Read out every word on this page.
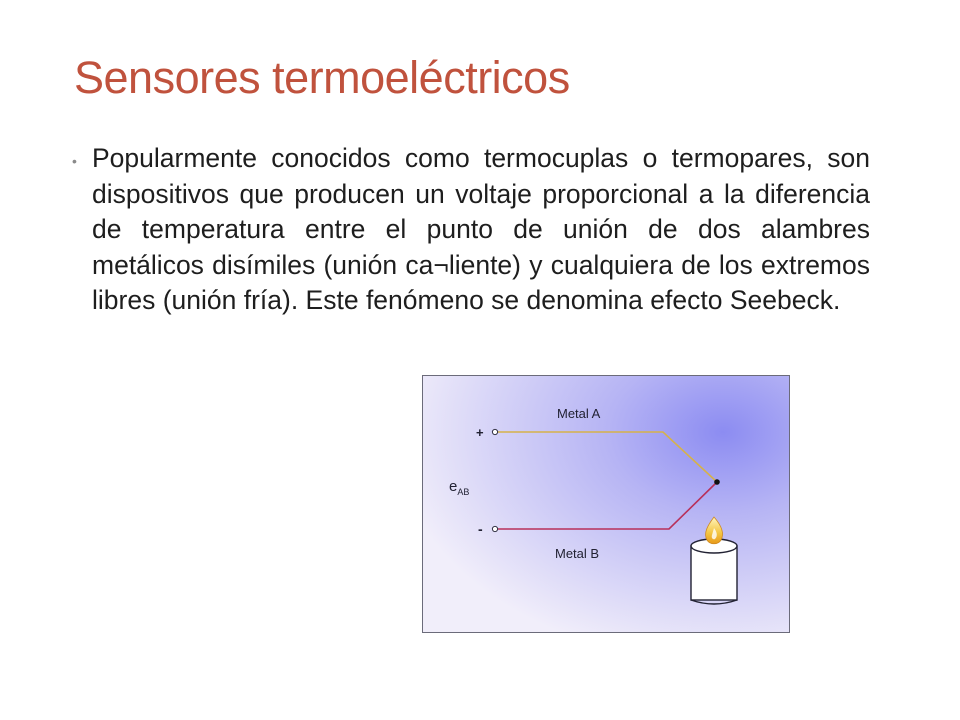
Sensores termoeléctricos
• Popularmente conocidos como termocuplas o termopares, son dispositivos que producen un voltaje proporcional a la diferencia de temperatura entre el punto de unión de dos alambres metálicos disímiles (unión ca¬liente) y cualquiera de los extremos libres (unión fría). Este fenómeno se denomina efecto Seebeck.
Metal A
Metal B
+
-
$e_{AB}$
